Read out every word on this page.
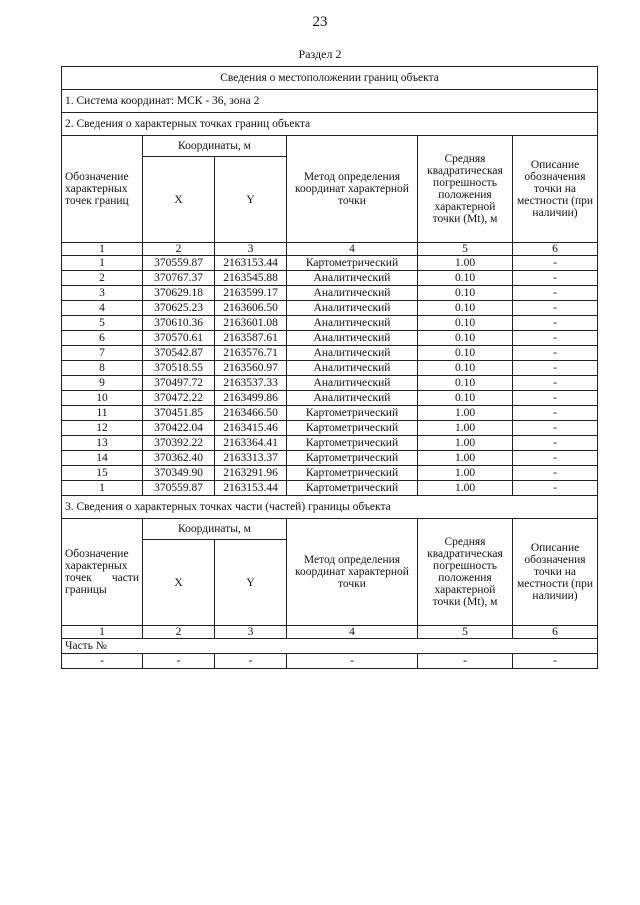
23
Раздел 2
Сведения о местоположении границ объекта					
1. Система координат: МСК - 36, зона 2					
2. Сведения о характерных точках границ объекта					
Обозначение характерных точек границ	Координаты, м		Метод определения координат характерной точки	Средняя квадратическая погрешность положения характерной точки (Mt), м	Описание обозначения точки на местности (при наличии)
	X	Y			
1	2	3	4	5	6
1	370559.87	2163153.44	Картометрический	1.00	-
2	370767.37	2163545.88	Аналитический	0.10	-
3	370629.18	2163599.17	Аналитический	0.10	-
4	370625.23	2163606.50	Аналитический	0.10	-
5	370610.36	2163601.08	Аналитический	0.10	-
6	370570.61	2163587.61	Аналитический	0.10	-
7	370542.87	2163576.71	Аналитический	0.10	-
8	370518.55	2163560.97	Аналитический	0.10	-
9	370497.72	2163537.33	Аналитический	0.10	-
10	370472.22	2163499.86	Аналитический	0.10	-
11	370451.85	2163466.50	Картометрический	1.00	-
12	370422.04	2163415.46	Картометрический	1.00	-
13	370392.22	2163364.41	Картометрический	1.00	-
14	370362.40	2163313.37	Картометрический	1.00	-
15	370349.90	2163291.96	Картометрический	1.00	-
1	370559.87	2163153.44	Картометрический	1.00	-
3. Сведения о характерных точках части (частей) границы объекта					
Обозначение характерных точек части границы	Координаты, м		Метод определения координат характерной точки	Средняя квадратическая погрешность положения характерной точки (Mt), м	Описание обозначения точки на местности (при наличии)
	X	Y			
1	2	3	4	5	6
Часть №					
-	-	-	-	-	-
